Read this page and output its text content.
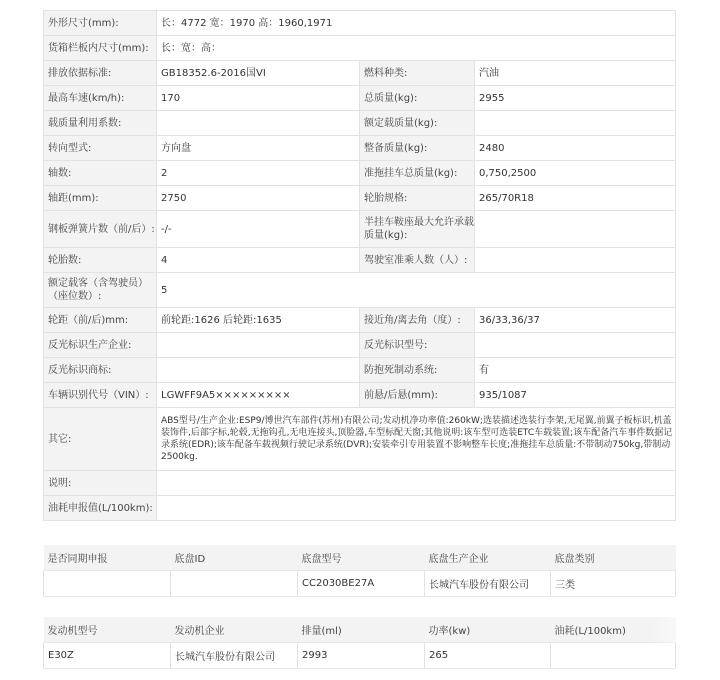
外形尺寸(mm):	长：4772 宽：1970 高：1960,1971		
货箱栏板内尺寸(mm):	长：宽：高：		
排放依据标准:	GB18352.6-2016国VI	燃料种类:	汽油
最高车速(km/h):	170	总质量(kg):	2955
载质量利用系数:		额定载质量(kg):	
转向型式:	方向盘	整备质量(kg):	2480
轴数:	2	准拖挂车总质量(kg):	0,750,2500
轴距(mm):	2750	轮胎规格:	265/70R18
钢板弹簧片数（前/后）:	-/-	半挂车鞍座最大允许承载质量(kg):	
轮胎数:	4	驾驶室准乘人数（人）:	
额定载客（含驾驶员）（座位数）:	5		
轮距（前/后)mm:	前轮距:1626 后轮距:1635	接近角/离去角（度）:	36/33,36/37
反光标识生产企业:		反光标识型号:	
反光标识商标:		防抱死制动系统:	有
车辆识别代号（VIN）:	LGWFF9A5×××××××××	前悬/后悬(mm):	935/1087
其它:	ABS型号/生产企业:ESP9/博世汽车部件(苏州)有限公司;发动机净功率值:260kW;选装描述选装行李架,无尾翼,前翼子板标识,机盖装饰件,后部字标,轮毂,无拖钩孔,无电连接头,顶脸器,车型标配天窗;其他说明:该车型可选装ETC车载装置;该车配备汽车事件数据记录系统(EDR);该车配备车载视频行驶记录系统(DVR);安装牵引专用装置不影响整车长度;准拖挂车总质量:不带制动750kg,带制动2500kg.		
说明:			
油耗申报值(L/100km):			
是否同期申报	底盘ID	底盘型号	底盘生产企业	底盘类别
		CC2030BE27A	长城汽车股份有限公司	三类
发动机型号	发动机企业	排量(ml)	功率(kw)	油耗(L/100km)
E30Z	长城汽车股份有限公司	2993	265	
